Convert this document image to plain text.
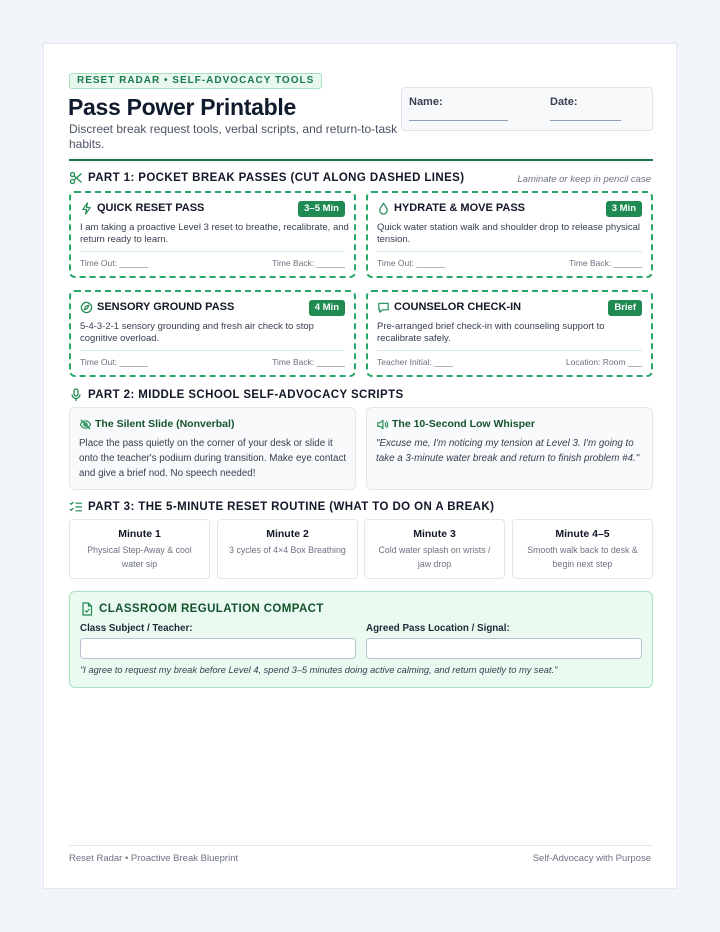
RESET RADAR • SELF-ADVOCACY TOOLS
Pass Power Printable
Discreet break request tools, verbal scripts, and return-to-task habits.
Name:	Date:
PART 1: POCKET BREAK PASSES (CUT ALONG DASHED LINES)	Laminate or keep in pencil case
QUICK RESET PASS	3–5 Min
I am taking a proactive Level 3 reset to breathe, recalibrate, and return ready to learn.
Time Out: ______	Time Back: ______
HYDRATE & MOVE PASS	3 Min
Quick water station walk and shoulder drop to release physical tension.
Time Out: ______	Time Back: ______
SENSORY GROUND PASS	4 Min
5-4-3-2-1 sensory grounding and fresh air check to stop cognitive overload.
Time Out: ______	Time Back: ______
COUNSELOR CHECK-IN	Brief
Pre-arranged brief check-in with counseling support to recalibrate safely.
Teacher Initial: ____	Location: Room ___
PART 2: MIDDLE SCHOOL SELF-ADVOCACY SCRIPTS
The Silent Slide (Nonverbal)
Place the pass quietly on the corner of your desk or slide it onto the teacher's podium during transition. Make eye contact and give a brief nod. No speech needed!
The 10-Second Low Whisper
"Excuse me, I'm noticing my tension at Level 3. I'm going to take a 3-minute water break and return to finish problem #4."
PART 3: THE 5-MINUTE RESET ROUTINE (WHAT TO DO ON A BREAK)
Minute 1
Physical Step-Away & cool water sip
Minute 2
3 cycles of 4×4 Box Breathing
Minute 3
Cold water splash on wrists / jaw drop
Minute 4–5
Smooth walk back to desk & begin next step
CLASSROOM REGULATION COMPACT
Class Subject / Teacher:	Agreed Pass Location / Signal:
"I agree to request my break before Level 4, spend 3–5 minutes doing active calming, and return quietly to my seat."
Reset Radar • Proactive Break Blueprint	Self-Advocacy with Purpose
